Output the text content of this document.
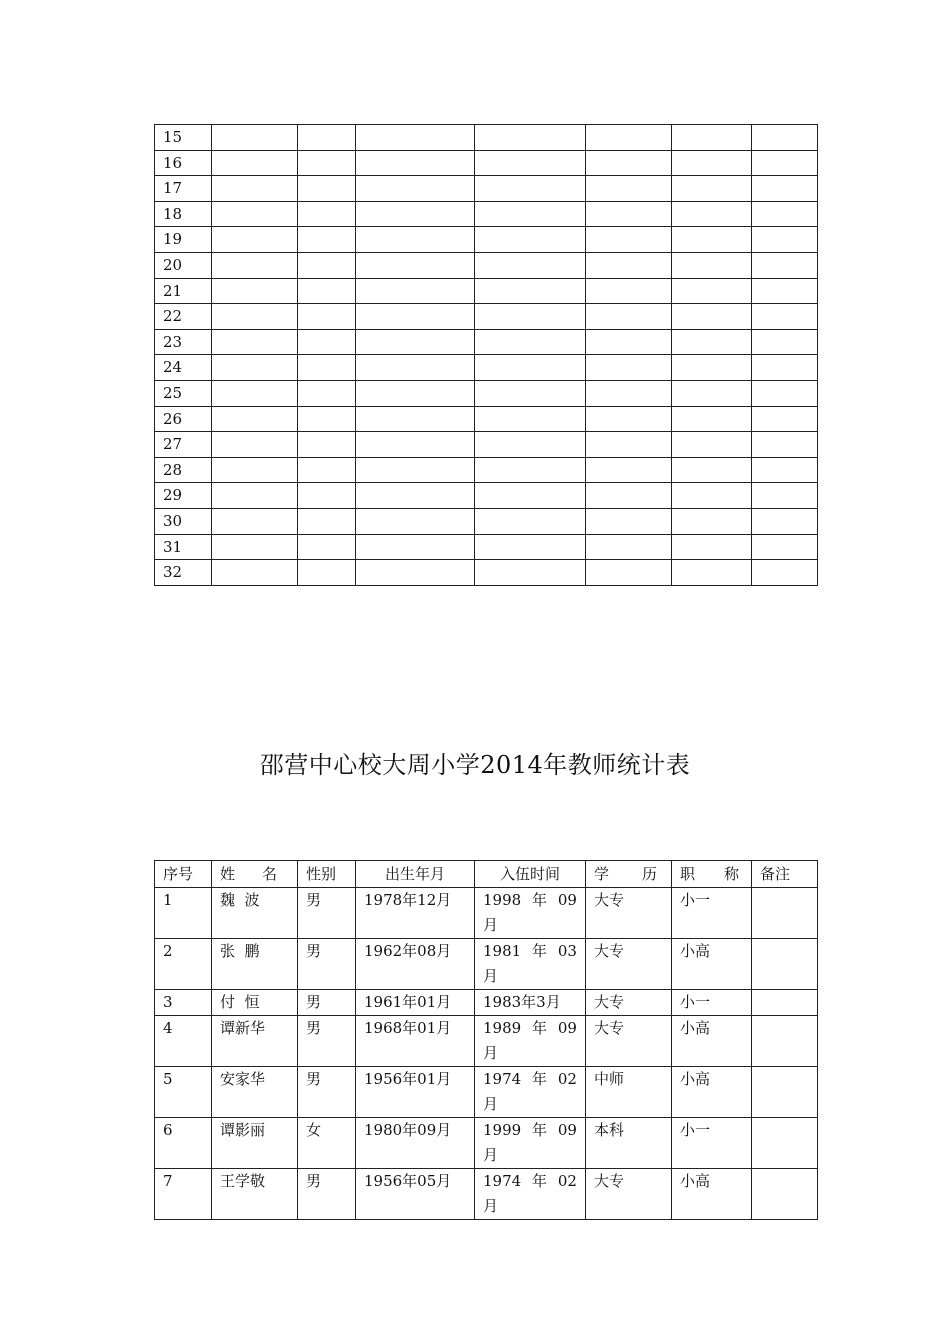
15							
16							
17							
18							
19							
20							
21							
22							
23							
24							
25							
26							
27							
28							
29							
30							
31							
32							
邵营中心校大周小学2014年教师统计表
序号	姓 名	性别	出生年月	入伍时间	学 历	职 称	备注
1	魏  波	男	1978年12月	1998 年 09
月	大专	小一	
2	张  鹏	男	1962年08月	1981 年 03
月	大专	小高	
3	付  恒	男	1961年01月	1983年3月	大专	小一	
4	谭新华	男	1968年01月	1989 年 09
月	大专	小高	
5	安家华	男	1956年01月	1974 年 02
月	中师	小高	
6	谭影丽	女	1980年09月	1999 年 09
月	本科	小一	
7	王学敬	男	1956年05月	1974 年 02
月	大专	小高	
